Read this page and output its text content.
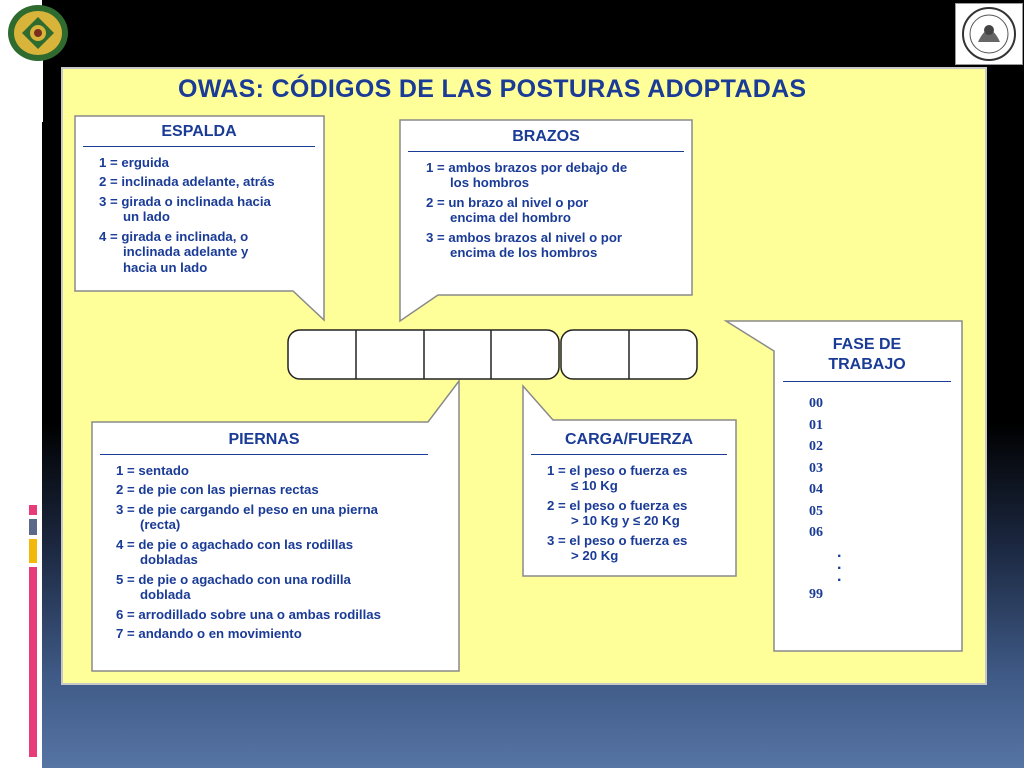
OWAS: CÓDIGOS DE LAS POSTURAS ADOPTADAS
ESPALDA
1 = erguida
2 = inclinada adelante, atrás
3 = girada o inclinada hacia
un lado
4 = girada e inclinada, o
inclinada adelante y
hacia un lado
BRAZOS
1 = ambos brazos por debajo de
los hombros
2 = un brazo al nivel o por
encima del hombro
3 = ambos brazos al nivel o por
encima de los hombros
PIERNAS
1 = sentado
2 = de pie con las piernas rectas
3 = de pie cargando el peso en una pierna
(recta)
4 = de pie o agachado con las rodillas
dobladas
5 = de pie o agachado con una rodilla
doblada
6 = arrodillado sobre una o ambas rodillas
7 = andando o en movimiento
CARGA/FUERZA
1 = el peso o fuerza es
≤ 10 Kg
2 = el peso o fuerza es
> 10 Kg y ≤ 20 Kg
3 = el peso o fuerza es
> 20 Kg
FASE DE
TRABAJO
00
01
02
03
04
05
06
.
.
.
99
